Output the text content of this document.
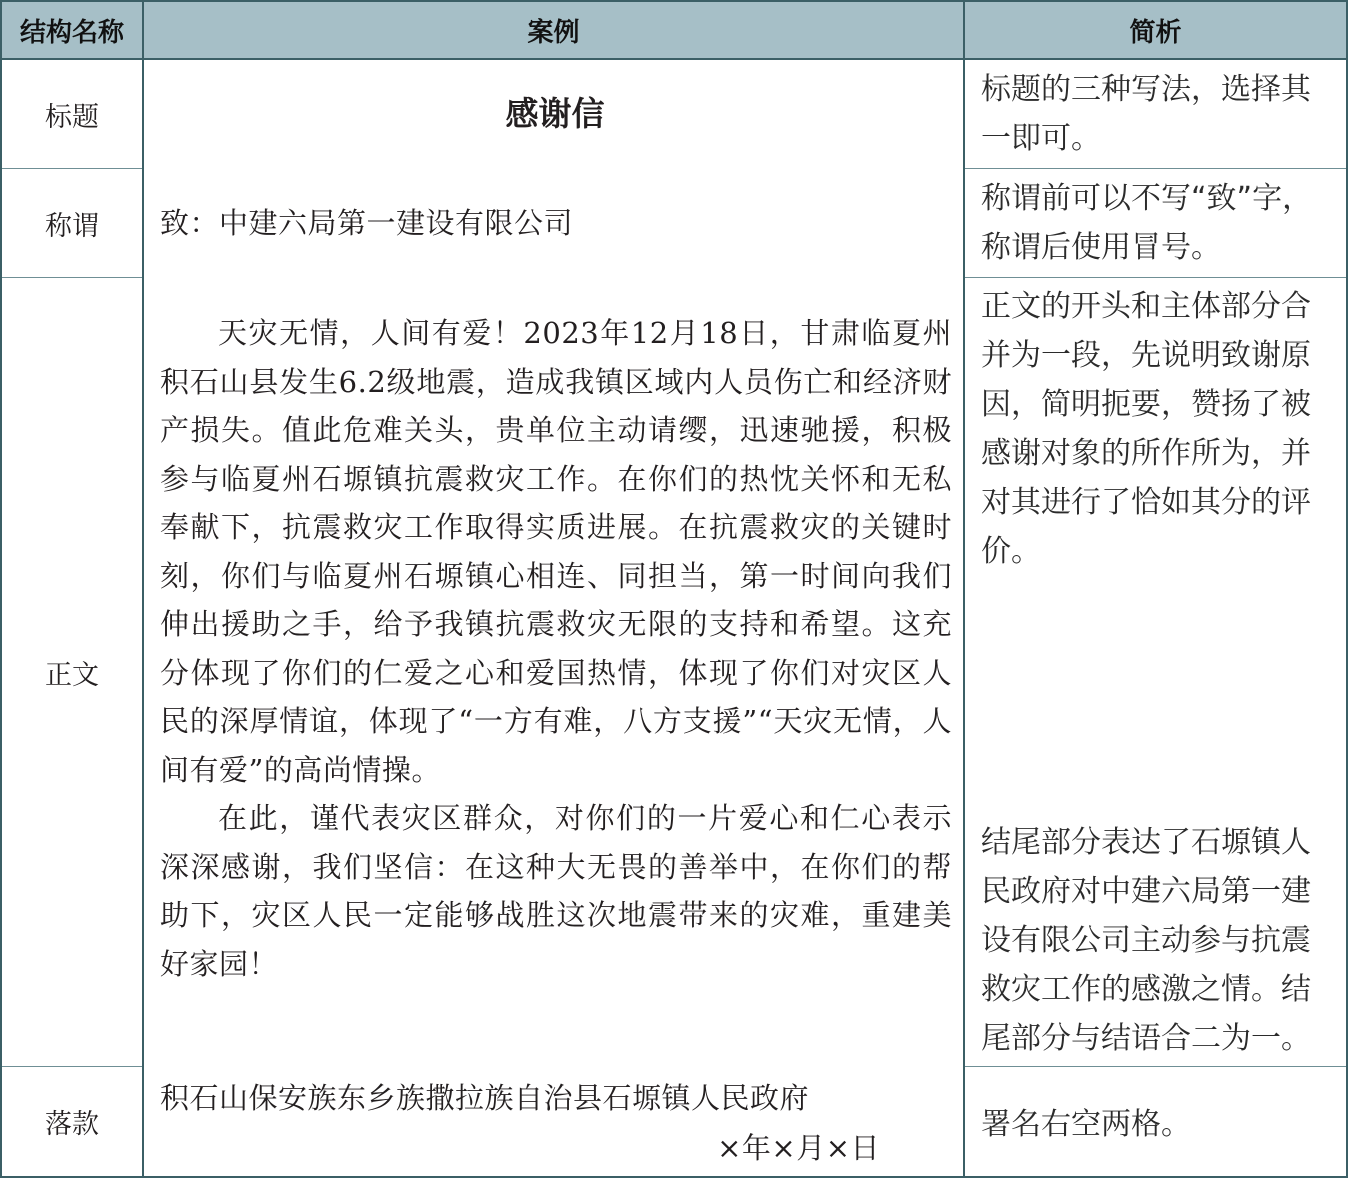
结构名称	案例	简析
标题
称谓
正文
落款
感谢信
致：中建六局第一建设有限公司

天灾无情，人间有爱！2023年12月18日，甘肃临夏州积石山县发生6.2级地震，造成我镇区域内人员伤亡和经济财产损失。值此危难关头，贵单位主动请缨，迅速驰援，积极参与临夏州石塬镇抗震救灾工作。在你们的热忱关怀和无私奉献下，抗震救灾工作取得实质进展。在抗震救灾的关键时刻，你们与临夏州石塬镇心相连、同担当，第一时间向我们伸出援助之手，给予我镇抗震救灾无限的支持和希望。这充分体现了你们的仁爱之心和爱国热情，体现了你们对灾区人民的深厚情谊，体现了“一方有难，八方支援”“天灾无情，人间有爱”的高尚情操。

在此，谨代表灾区群众，对你们的一片爱心和仁心表示深深感谢，我们坚信：在这种大无畏的善举中，在你们的帮助下，灾区人民一定能够战胜这次地震带来的灾难，重建美好家园！

积石山保安族东乡族撒拉族自治县石塬镇人民政府
×年×月×日
标题的三种写法，选择其一即可。
称谓前可以不写“致”字，称谓后使用冒号。
正文的开头和主体部分合并为一段，先说明致谢原因，简明扼要，赞扬了被感谢对象的所作所为，并对其进行了恰如其分的评价。
结尾部分表达了石塬镇人民政府对中建六局第一建设有限公司主动参与抗震救灾工作的感激之情。结尾部分与结语合二为一。
署名右空两格。
